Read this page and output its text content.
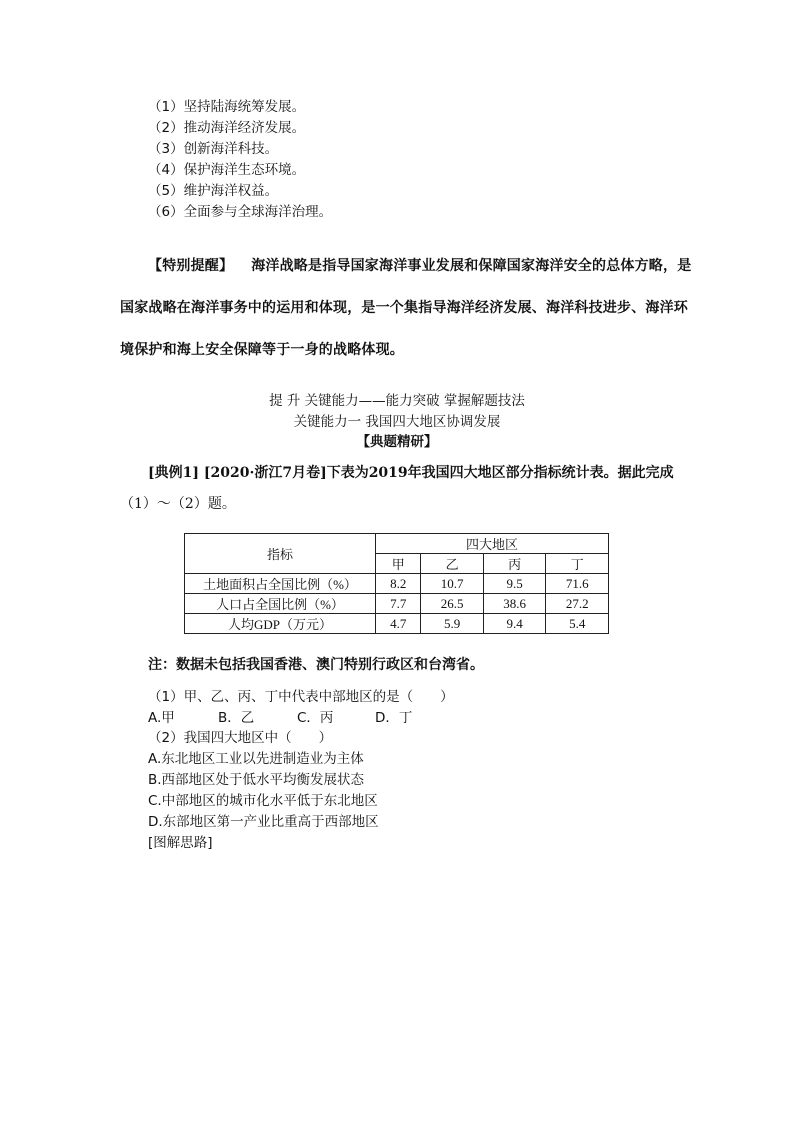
（1）坚持陆海统筹发展。
（2）推动海洋经济发展。
（3）创新海洋科技。
（4）保护海洋生态环境。
（5）维护海洋权益。
（6）全面参与全球海洋治理。
【特别提醒】 海洋战略是指导国家海洋事业发展和保障国家海洋安全的总体方略，是
国家战略在海洋事务中的运用和体现，是一个集指导海洋经济发展、海洋科技进步、海洋环
境保护和海上安全保障等于一身的战略体现。
提 升 关键能力——能力突破 掌握解题技法
关键能力一 我国四大地区协调发展
【典题精研】
[典例1] [2020·浙江7月卷]下表为2019年我国四大地区部分指标统计表。据此完成
（1）～（2）题。
指标	四大地区			
	甲	乙	丙	丁
土地面积占全国比例（%）	8.2	10.7	9.5	71.6
人口占全国比例（%）	7.7	26.5	38.6	27.2
人均GDP（万元）	4.7	5.9	9.4	5.4
注：数据未包括我国香港、澳门特别行政区和台湾省。
（1）甲、乙、丙、丁中代表中部地区的是（　　）
A.甲	B．乙	C．丙	D．丁
（2）我国四大地区中（　　）
A.东北地区工业以先进制造业为主体
B.西部地区处于低水平均衡发展状态
C.中部地区的城市化水平低于东北地区
D.东部地区第一产业比重高于西部地区
[图解思路]
